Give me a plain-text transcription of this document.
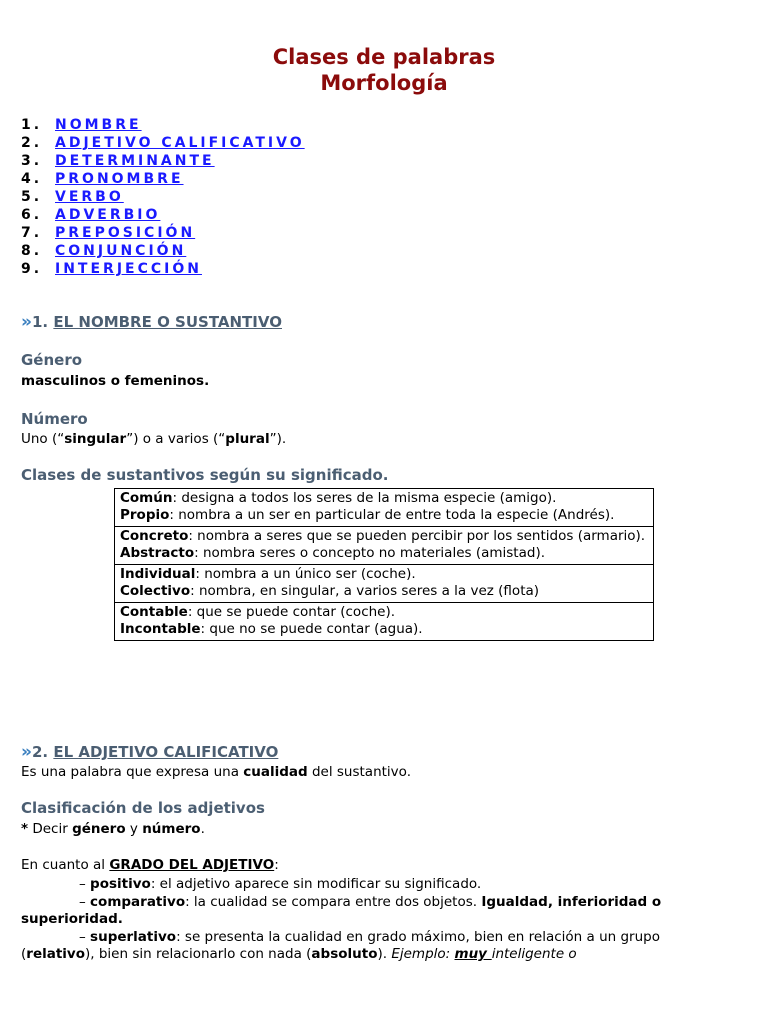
Clases de palabras
Morfología
1. NOMBRE
2. ADJETIVO CALIFICATIVO
3. DETERMINANTE
4. PRONOMBRE
5. VERBO
6. ADVERBIO
7. PREPOSICIÓN
8. CONJUNCIÓN
9. INTERJECCIÓN
» 1. EL NOMBRE O SUSTANTIVO
Género
masculinos o femeninos.
Número
Uno (“singular”) o a varios (“plural”).
Clases de sustantivos según su significado.
Común: designa a todos los seres de la misma especie (amigo).
Propio: nombra a un ser en particular de entre toda la especie (Andrés).

Concreto: nombra a seres que se pueden percibir por los sentidos (armario).
Abstracto: nombra seres o concepto no materiales (amistad).

Individual: nombra a un único ser (coche).
Colectivo: nombra, en singular, a varios seres a la vez (flota)

Contable: que se puede contar (coche).
Incontable: que no se puede contar (agua).
» 2. EL ADJETIVO CALIFICATIVO
Es una palabra que expresa una cualidad del sustantivo.
Clasificación de los adjetivos
* Decir género y número.
En cuanto al GRADO DEL ADJETIVO:
– positivo: el adjetivo aparece sin modificar su significado.
– comparativo: la cualidad se compara entre dos objetos. Igualdad, inferioridad o superioridad.
– superlativo: se presenta la cualidad en grado máximo, bien en relación a un grupo (relativo), bien sin relacionarlo con nada (absoluto). Ejemplo: muy inteligente o
